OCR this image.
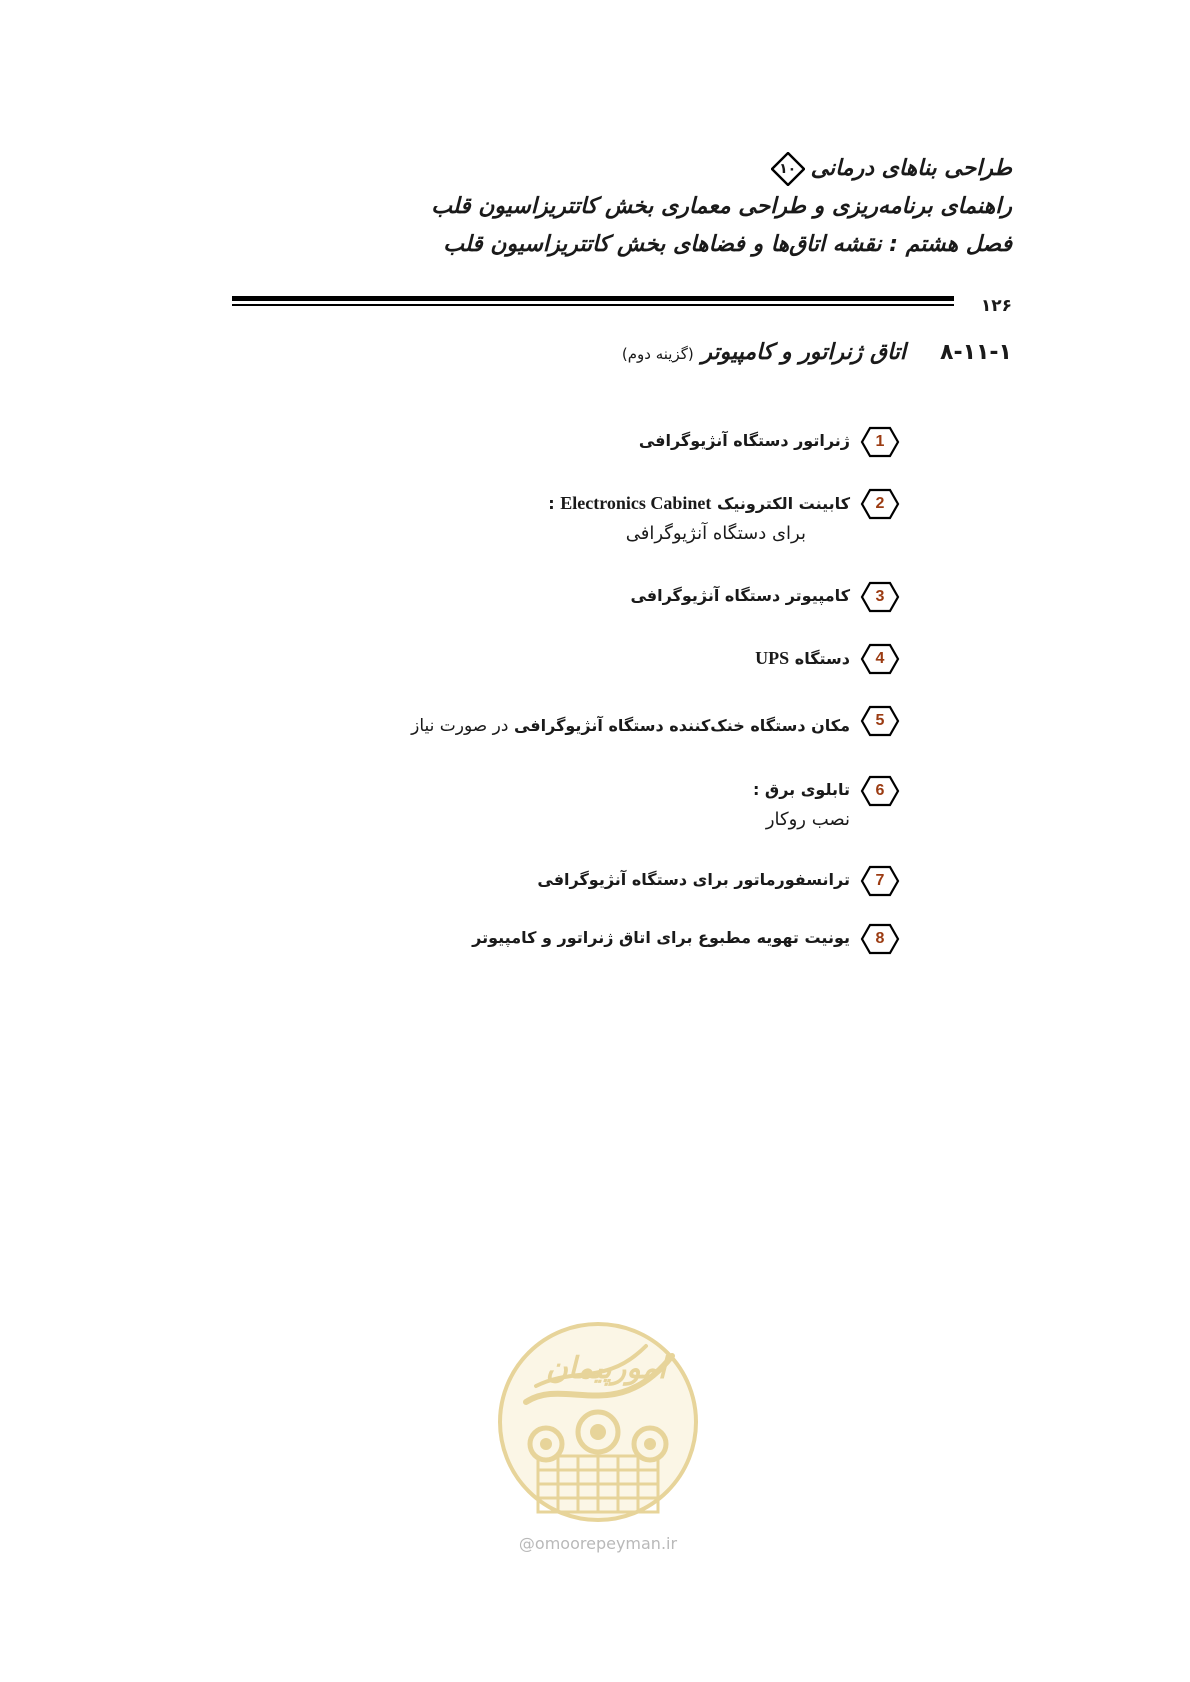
طراحی بناهای درمانی
۱۰
راهنمای برنامه‌ریزی و طراحی معماری بخش کاتتریزاسیون قلب
فصل هشتم : نقشه اتاق‌ها و فضاهای بخش کاتتریزاسیون قلب
۱۲۶
۸-۱۱-۱
اتاق ژنراتور و کامپیوتر (گزینه دوم)
1
ژنراتور دستگاه آنژیوگرافی
2
کابینت الکترونیک Electronics Cabinet :
برای دستگاه آنژیوگرافی
3
کامپیوتر دستگاه آنژیوگرافی
4
دستگاه UPS
5
مکان دستگاه خنک‌کننده دستگاه آنژیوگرافی در صورت نیاز
6
تابلوی برق :
نصب روکار
7
ترانسفورماتور برای دستگاه آنژیوگرافی
8
یونیت تهویه مطبوع برای اتاق ژنراتور و کامپیوتر
امورپیمان
@omoorepeyman.ir
